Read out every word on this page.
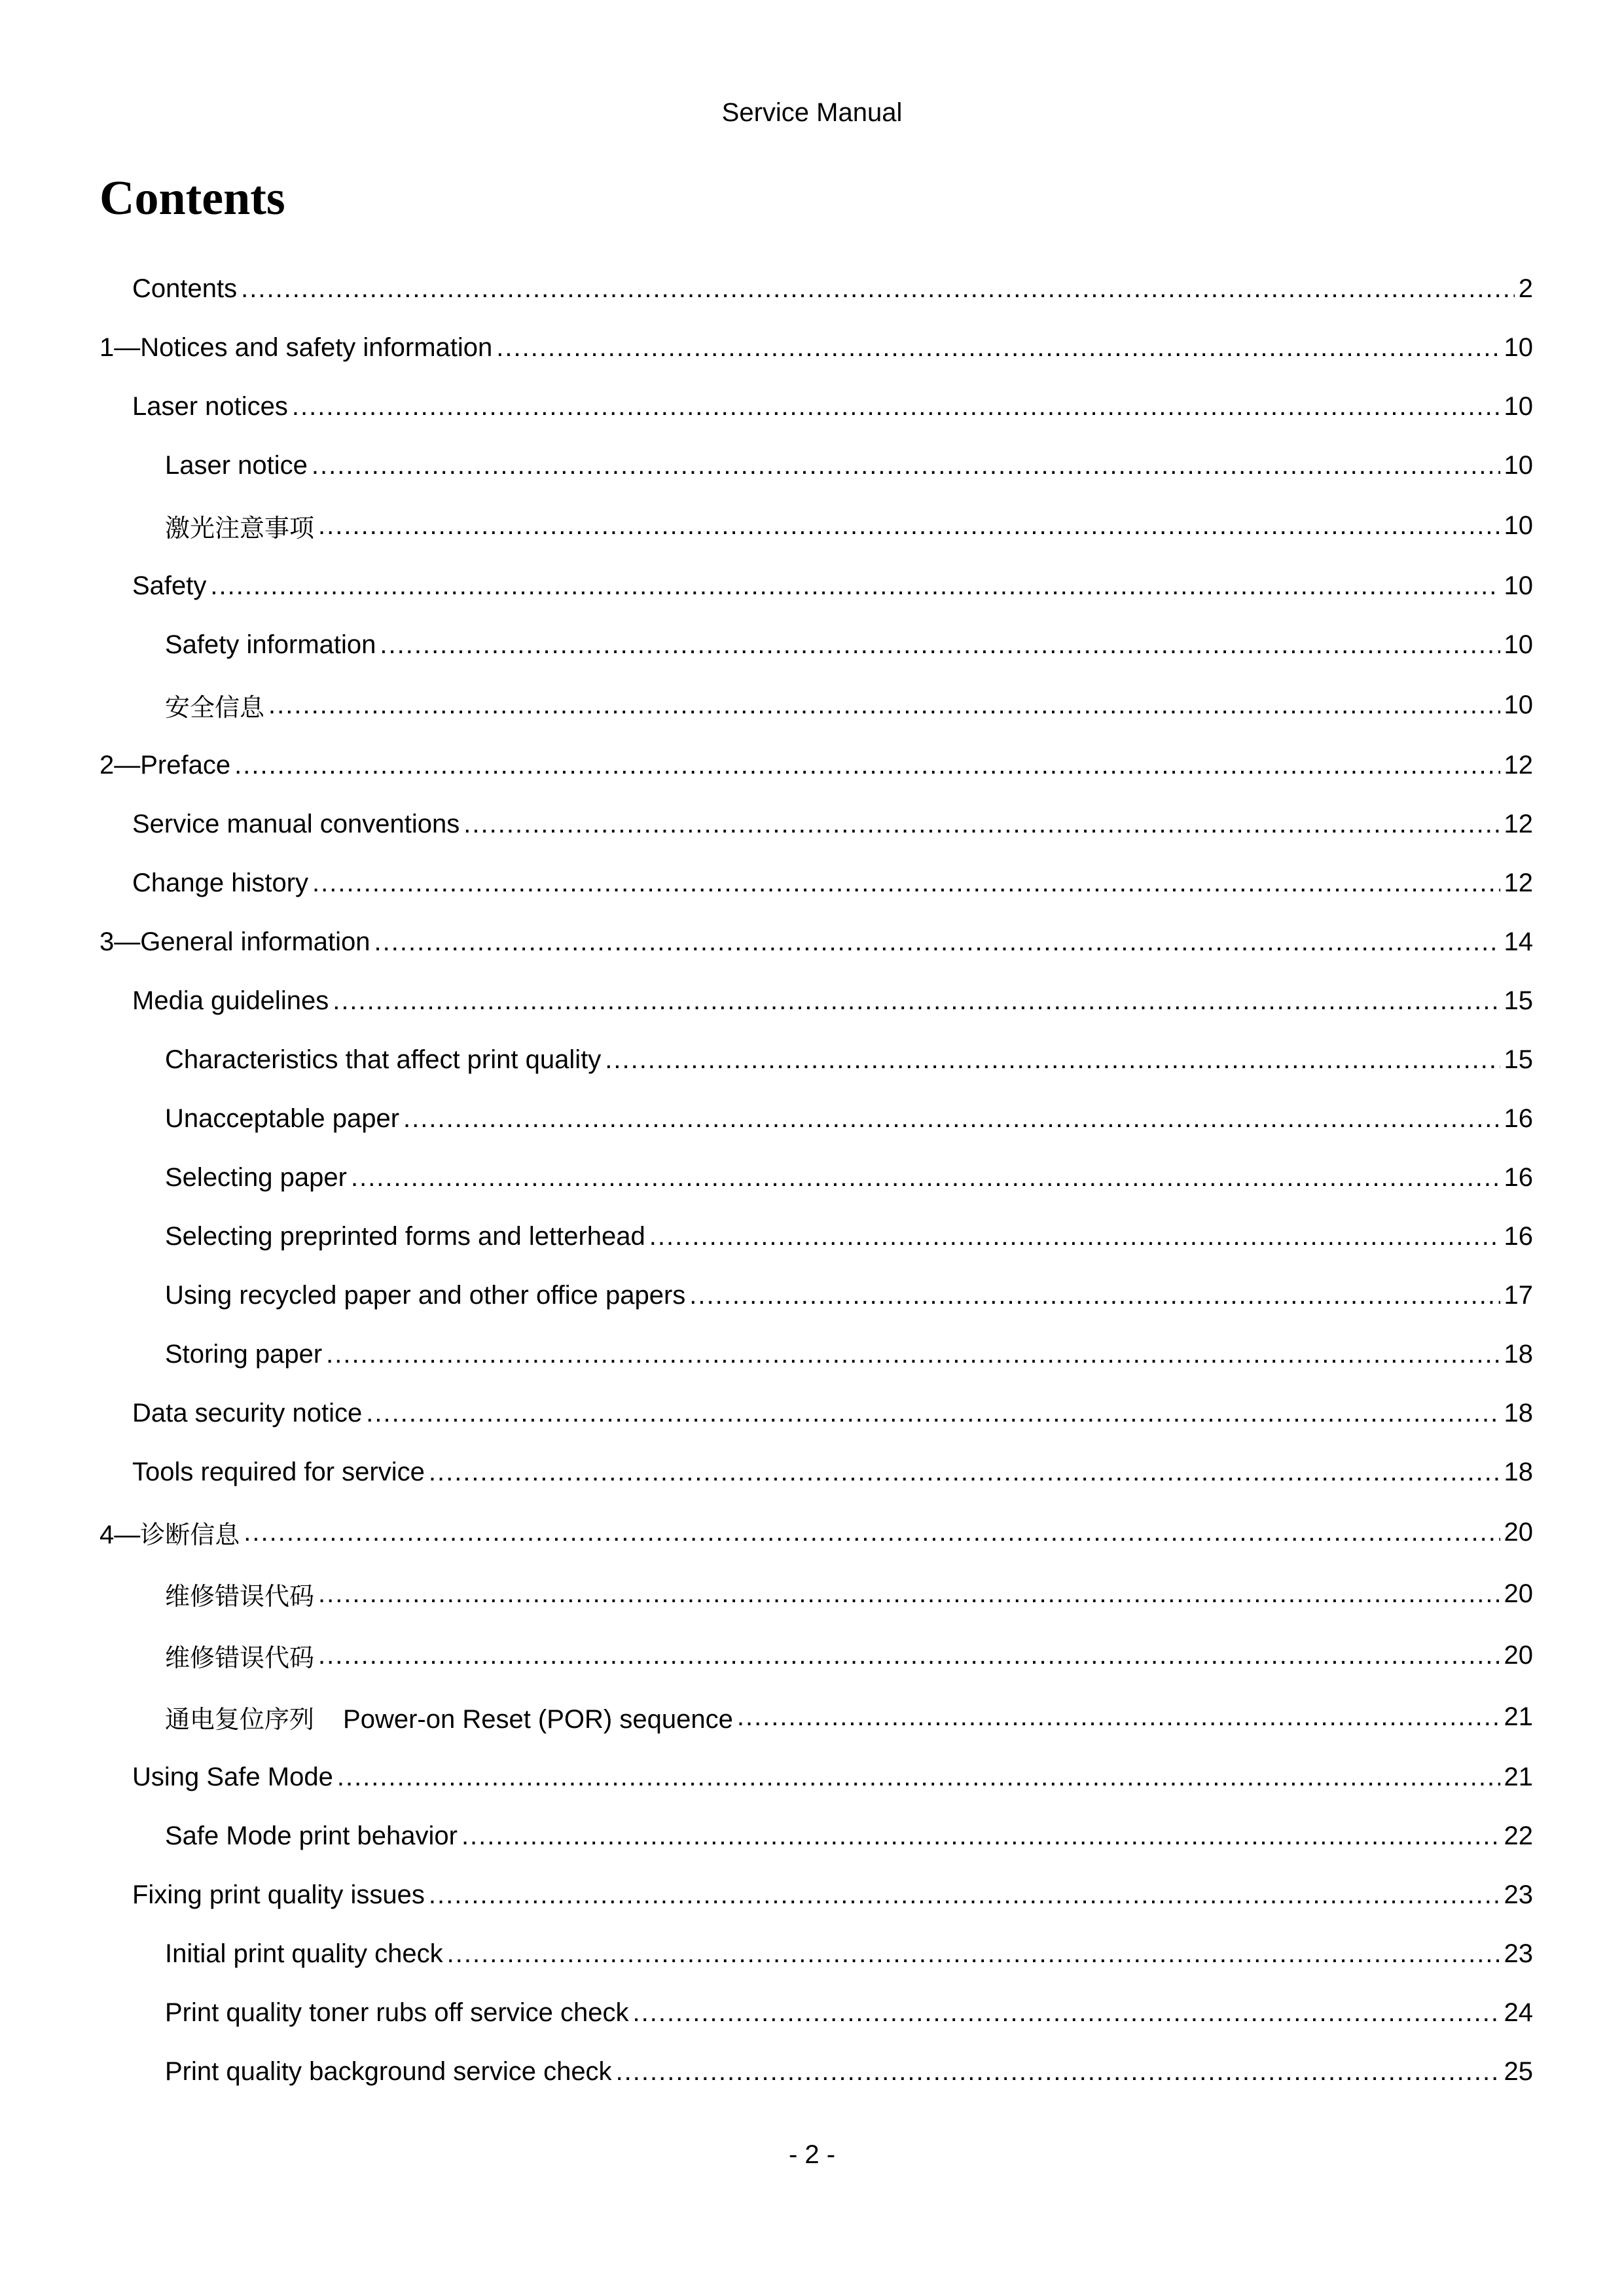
Service Manual
Contents
Contents .....	2
1—Notices and safety information .....	10
Laser notices .....	10
Laser notice .....	10
激光注意事项 .....	10
Safety .....	10
Safety information .....	10
安全信息 .....	10
2—Preface .....	12
Service manual conventions .....	12
Change history .....	12
3—General information .....	14
Media guidelines .....	15
Characteristics that affect print quality .....	15
Unacceptable paper .....	16
Selecting paper .....	16
Selecting preprinted forms and letterhead .....	16
Using recycled paper and other office papers .....	17
Storing paper .....	18
Data security notice .....	18
Tools required for service .....	18
4—诊断信息 .....	20
维修错误代码 .....	20
维修错误代码 .....	20
通电复位序列 Power-on Reset (POR) sequence .....	21
Using Safe Mode .....	21
Safe Mode print behavior .....	22
Fixing print quality issues .....	23
Initial print quality check .....	23
Print quality toner rubs off service check .....	24
Print quality background service check .....	25
- 2 -
